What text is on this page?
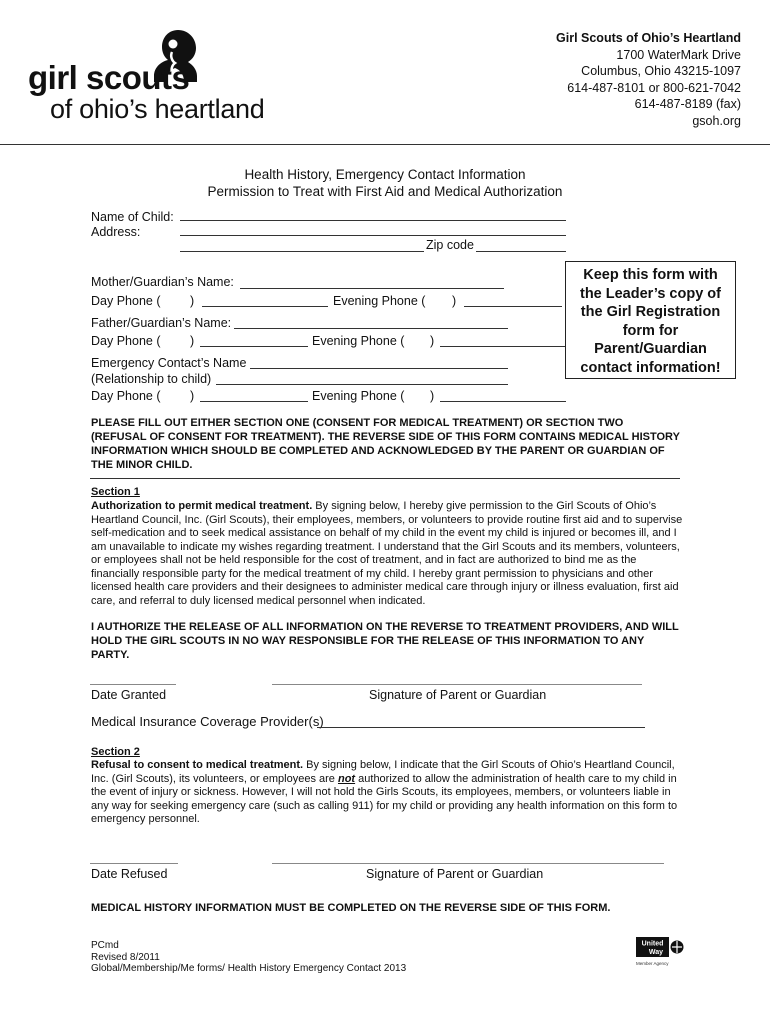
girl scouts
of ohio’s heartland
Girl Scouts of Ohio’s Heartland
1700 WaterMark Drive
Columbus, Ohio 43215-1097
614-487-8101 or 800-621-7042
614-487-8189 (fax)
gsoh.org
Health History, Emergency Contact Information
Permission to Treat with First Aid and Medical Authorization
Name of Child:
Address:
Zip code
Mother/Guardian’s Name:
Day Phone ( )	Evening Phone ( )
Father/Guardian’s Name:
Day Phone ( )	Evening Phone ( )
Emergency Contact’s Name
(Relationship to child)
Day Phone ( )	Evening Phone ( )
Keep this form with
the Leader’s copy of
the Girl Registration
form for
Parent/Guardian
contact information!
PLEASE FILL OUT EITHER SECTION ONE (CONSENT FOR MEDICAL TREATMENT) OR SECTION TWO (REFUSAL OF CONSENT FOR TREATMENT). THE REVERSE SIDE OF THIS FORM CONTAINS MEDICAL HISTORY INFORMATION WHICH SHOULD BE COMPLETED AND ACKNOWLEDGED BY THE PARENT OR GUARDIAN OF THE MINOR CHILD.
Section 1
Authorization to permit medical treatment. By signing below, I hereby give permission to the Girl Scouts of Ohio’s Heartland Council, Inc. (Girl Scouts), their employees, members, or volunteers to provide routine first aid and to supervise self-medication and to seek medical assistance on behalf of my child in the event my child is injured or becomes ill, and I am unavailable to indicate my wishes regarding treatment. I understand that the Girl Scouts and its members, volunteers, or employees shall not be held responsible for the cost of treatment, and in fact are authorized to bind me as the financially responsible party for the medical treatment of my child. I hereby grant permission to physicians and other licensed health care providers and their designees to administer medical care through injury or illness evaluation, first aid care, and referral to duly licensed medical personnel when indicated.
I AUTHORIZE THE RELEASE OF ALL INFORMATION ON THE REVERSE TO TREATMENT PROVIDERS, AND WILL HOLD THE GIRL SCOUTS IN NO WAY RESPONSIBLE FOR THE RELEASE OF THIS INFORMATION TO ANY PARTY.
Date Granted	Signature of Parent or Guardian
Medical Insurance Coverage Provider(s)
Section 2
Refusal to consent to medical treatment. By signing below, I indicate that the Girl Scouts of Ohio’s Heartland Council, Inc. (Girl Scouts), its volunteers, or employees are not authorized to allow the administration of health care to my child in the event of injury or sickness. However, I will not hold the Girls Scouts, its employees, members, or volunteers liable in any way for seeking emergency care (such as calling 911) for my child or providing any health information on this form to emergency personnel.
Date Refused	Signature of Parent or Guardian
MEDICAL HISTORY INFORMATION MUST BE COMPLETED ON THE REVERSE SIDE OF THIS FORM.
PCmd
Revised 8/2011
Global/Membership/Me forms/ Health History Emergency Contact 2013
United
Way
Member Agency
